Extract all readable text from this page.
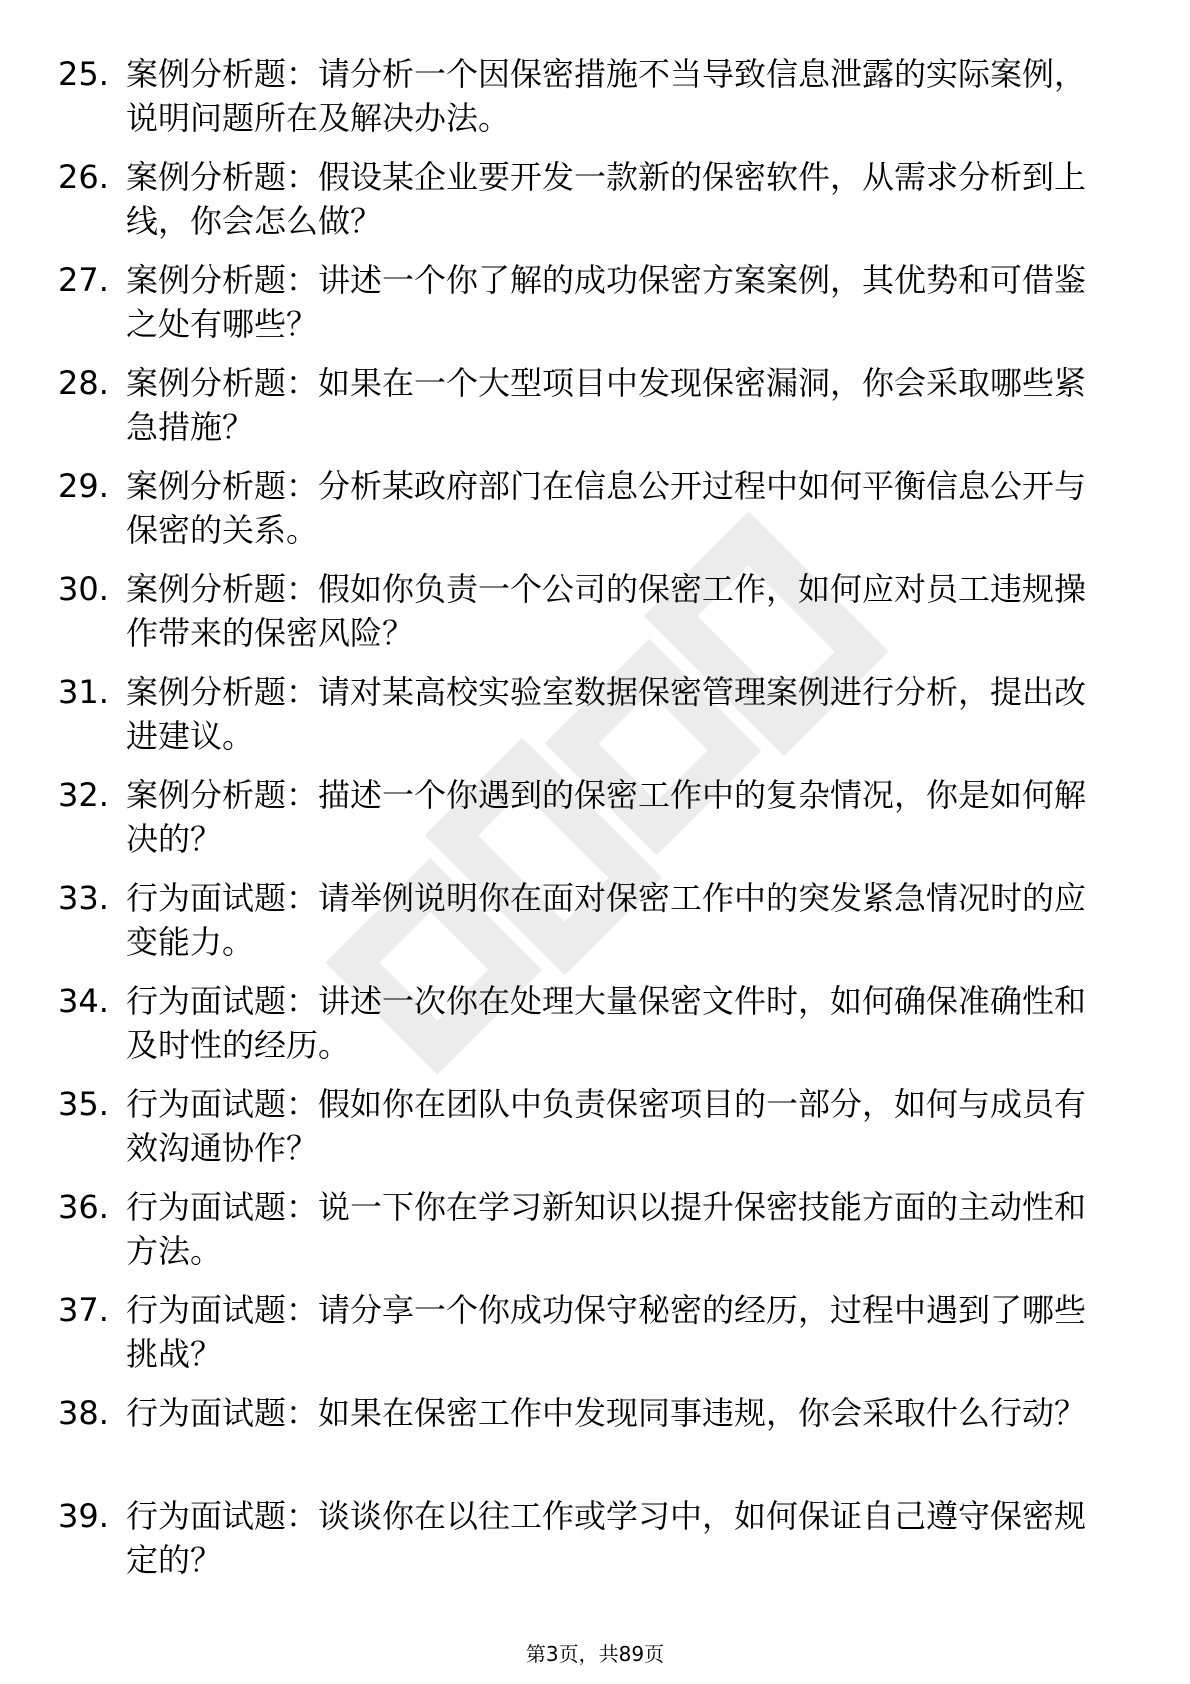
25. 案例分析题：请分析一个因保密措施不当导致信息泄露的实际案例，说明问题所在及解决办法。
26. 案例分析题：假设某企业要开发一款新的保密软件，从需求分析到上线，你会怎么做？
27. 案例分析题：讲述一个你了解的成功保密方案案例，其优势和可借鉴之处有哪些？
28. 案例分析题：如果在一个大型项目中发现保密漏洞，你会采取哪些紧急措施？
29. 案例分析题：分析某政府部门在信息公开过程中如何平衡信息公开与保密的关系。
30. 案例分析题：假如你负责一个公司的保密工作，如何应对员工违规操作带来的保密风险？
31. 案例分析题：请对某高校实验室数据保密管理案例进行分析，提出改进建议。
32. 案例分析题：描述一个你遇到的保密工作中的复杂情况，你是如何解决的？
33. 行为面试题：请举例说明你在面对保密工作中的突发紧急情况时的应变能力。
34. 行为面试题：讲述一次你在处理大量保密文件时，如何确保准确性和及时性的经历。
35. 行为面试题：假如你在团队中负责保密项目的一部分，如何与成员有效沟通协作？
36. 行为面试题：说一下你在学习新知识以提升保密技能方面的主动性和方法。
37. 行为面试题：请分享一个你成功保守秘密的经历，过程中遇到了哪些挑战？
38. 行为面试题：如果在保密工作中发现同事违规，你会采取什么行动？
39. 行为面试题：谈谈你在以往工作或学习中，如何保证自己遵守保密规定的？
第3页，共89页
